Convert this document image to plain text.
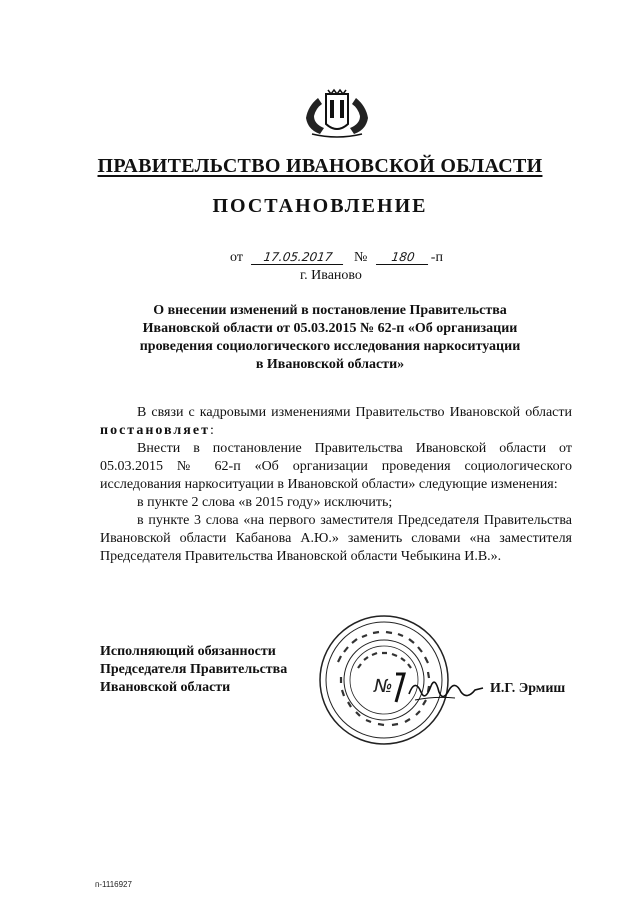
ПРАВИТЕЛЬСТВО ИВАНОВСКОЙ ОБЛАСТИ
ПОСТАНОВЛЕНИЕ
от 17.05.2017 № 180 -п
г. Иваново
О внесении изменений в постановление Правительства
Ивановской области от 05.03.2015 № 62-п «Об организации
проведения социологического исследования наркоситуации
в Ивановской области»

В связи с кадровыми изменениями Правительство Ивановской области постановляет:

Внести в постановление Правительства Ивановской области от 05.03.2015 № 62-п «Об организации проведения социологического исследования наркоситуации в Ивановской области» следующие изменения:

в пункте 2 слова «в 2015 году» исключить;

в пункте 3 слова «на первого заместителя Председателя Правительства Ивановской области Кабанова А.Ю.» заменить словами «на заместителя Председателя Правительства Ивановской области Чебыкина И.В.».

Исполняющий обязанности
Председателя Правительства
Ивановской области	№	И.Г. Эрмиш
п-1116927
